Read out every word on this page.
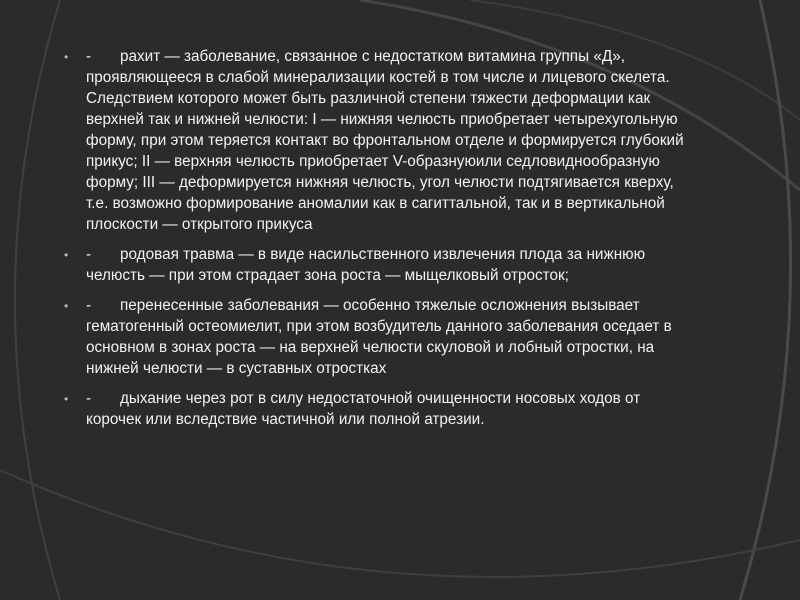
• - рахит — заболевание, связанное с недостатком витамина группы «Д», проявляющееся в слабой минерализации костей в том числе и лицевого скелета. Следствием которого может быть различной степени тяжести деформации как верхней так и нижней челюсти: I — нижняя челюсть приобретает четырехугольную форму, при этом теряется контакт во фронтальном отделе и формируется глубокий прикус; II — верхняя челюсть приобретает V-образнуюили седловиднообразную форму; III — деформируется нижняя челюсть, угол челюсти подтягивается кверху, т.е. возможно формирование аномалии как в сагиттальной, так и в вертикальной плоскости — открытого прикуса
• - родовая травма — в виде насильственного извлечения плода за нижнюю челюсть — при этом страдает зона роста — мыщелковый отросток;
• - перенесенные заболевания — особенно тяжелые осложнения вызывает гематогенный остеомиелит, при этом возбудитель данного заболевания оседает в основном в зонах роста — на верхней челюсти скуловой и лобный отростки, на нижней челюсти — в суставных отростках
• - дыхание через рот в силу недостаточной очищенности носовых ходов от корочек или вследствие частичной или полной атрезии.
